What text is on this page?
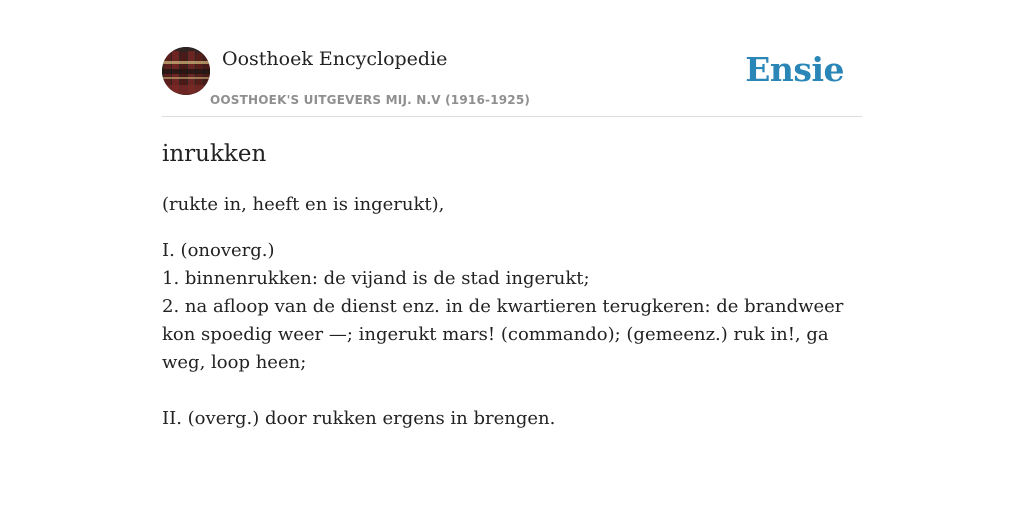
Oosthoek Encyclopedie
OOSTHOEK'S UITGEVERS MIJ. N.V (1916-1925)
Ensie
inrukken

(rukte in, heeft en is ingerukt),

I. (onoverg.)
1. binnenrukken: de vijand is de stad ingerukt;
2. na afloop van de dienst enz. in de kwartieren terugkeren: de brandweer kon spoedig weer —; ingerukt mars! (commando); (gemeenz.) ruk in!, ga weg, loop heen;
II. (overg.) door rukken ergens in brengen.
